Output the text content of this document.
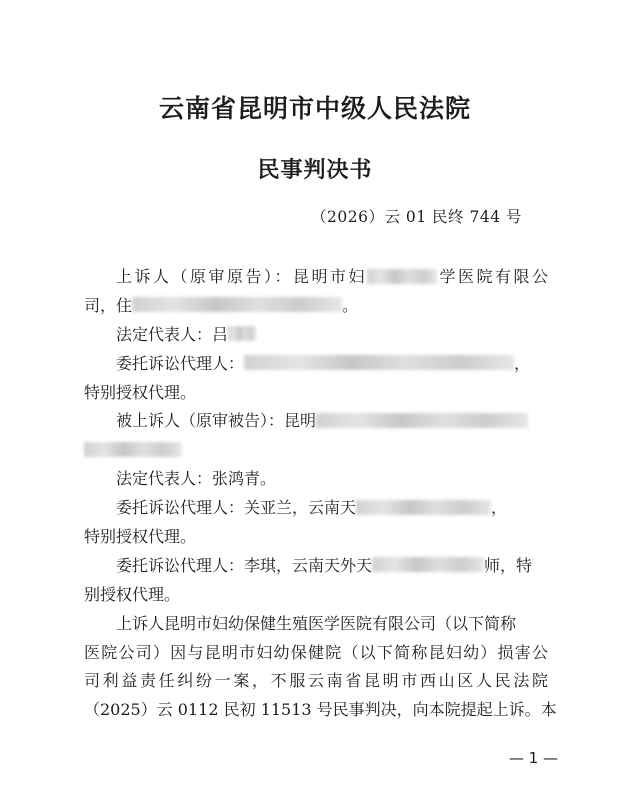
云南省昆明市中级人民法院
民事判决书
（2026）云 01 民终 744 号
上诉人（原审原告）：昆明市妇	学医院有限公
司，住	。
法定代表人：吕
委托诉讼代理人：	，
特别授权代理。
被上诉人（原审被告）：昆明
法定代表人：张鸿青。
委托诉讼代理人：关亚兰，云南天	，
特别授权代理。
委托诉讼代理人：李琪，云南天外天	师，特
别授权代理。
上诉人昆明市妇幼保健生殖医学医院有限公司（以下简称
医院公司）因与昆明市妇幼保健院（以下简称昆妇幼）损害公
司利益责任纠纷一案，不服云南省昆明市西山区人民法院
（2025）云 0112 民初 11513 号民事判决，向本院提起上诉。本
— 1 —
